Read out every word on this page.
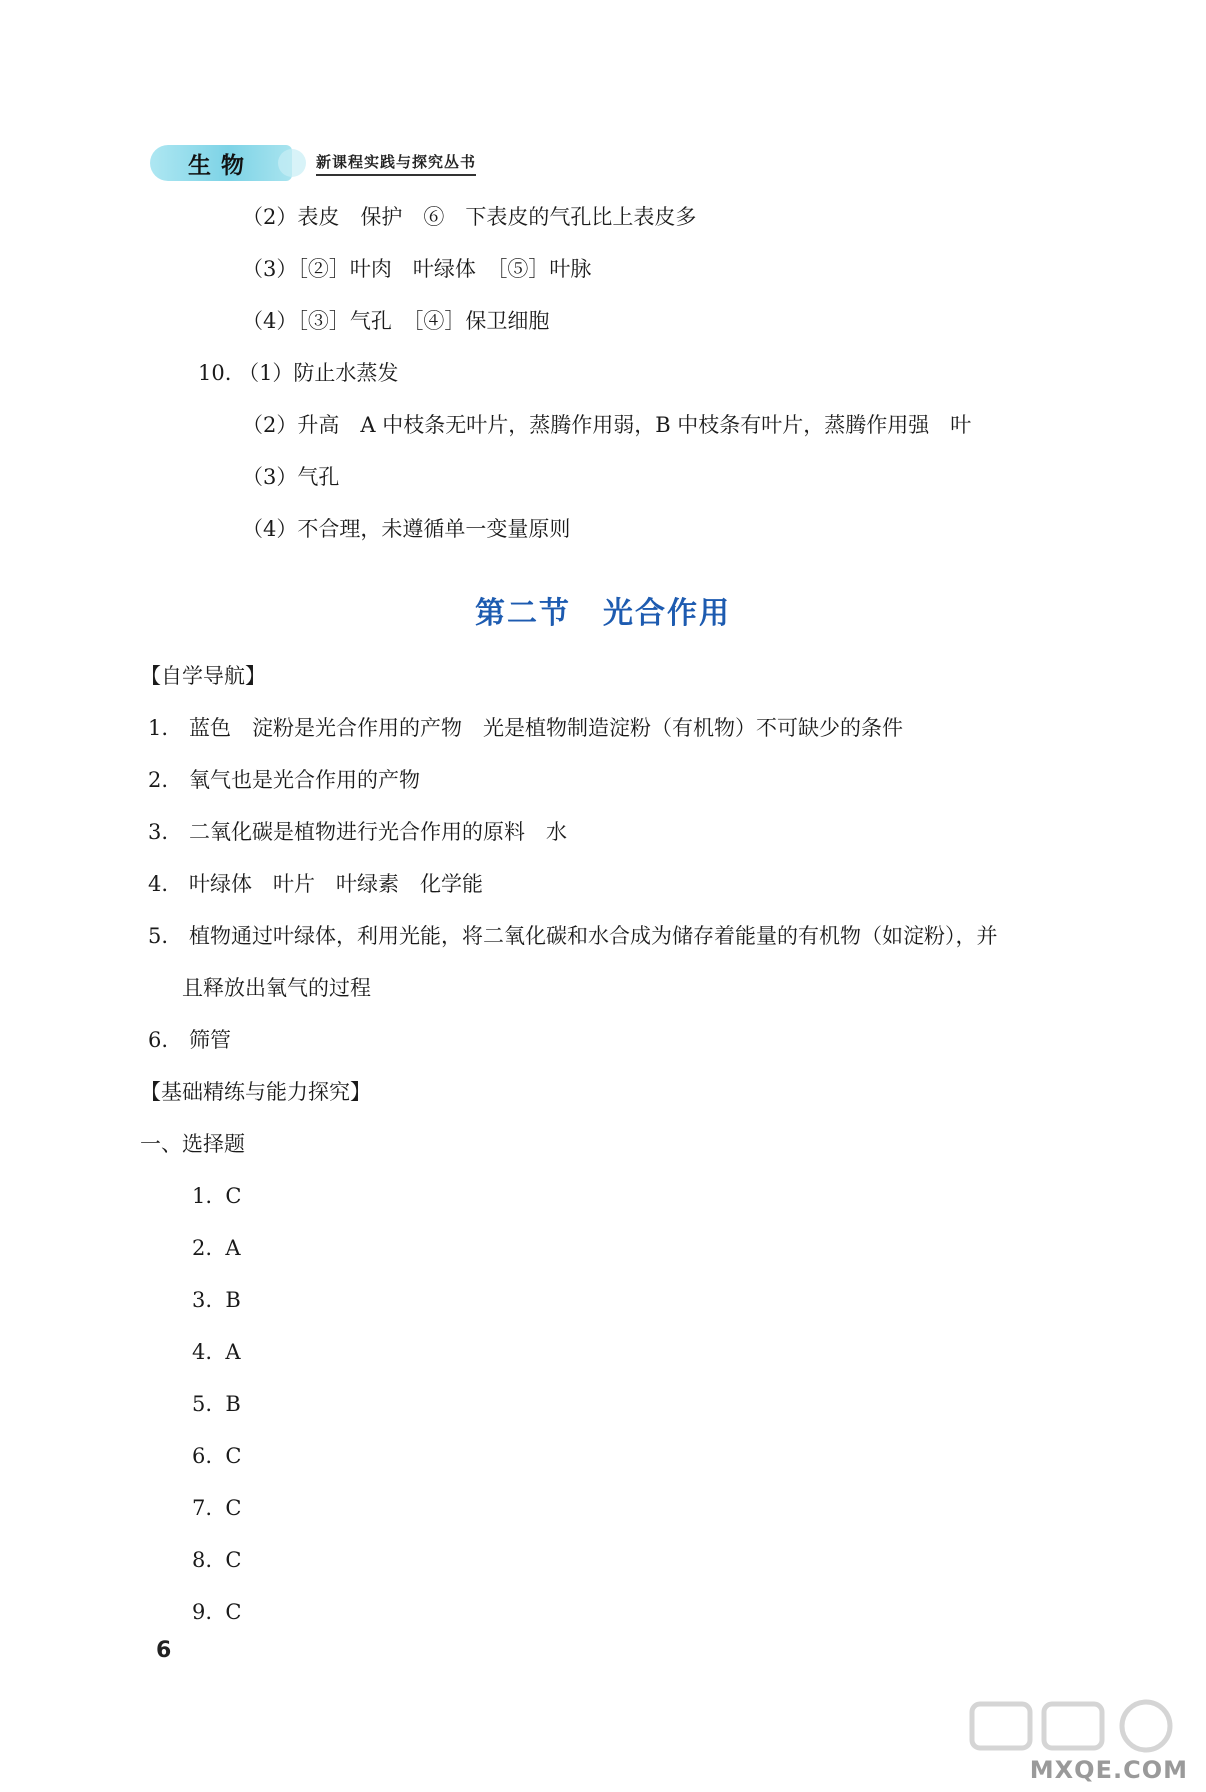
生物	新课程实践与探究丛书
（2）表皮　保护　⑥　下表皮的气孔比上表皮多
（3）［②］叶肉　叶绿体　［⑤］叶脉
（4）［③］气孔　［④］保卫细胞
10. （1）防止水蒸发
（2）升高　A 中枝条无叶片，蒸腾作用弱，B 中枝条有叶片，蒸腾作用强　叶
（3）气孔
（4）不合理，未遵循单一变量原则
第二节　光合作用
【自学导航】
1.　蓝色　淀粉是光合作用的产物　光是植物制造淀粉（有机物）不可缺少的条件
2.　氧气也是光合作用的产物
3.　二氧化碳是植物进行光合作用的原料　水
4.　叶绿体　叶片　叶绿素　化学能
5.　植物通过叶绿体，利用光能，将二氧化碳和水合成为储存着能量的有机物（如淀粉），并
且释放出氧气的过程
6.　筛管
【基础精练与能力探究】
一、选择题
1.  C
2.  A
3.  B
4.  A
5.  B
6.  C
7.  C
8.  C
9.  C
6
MXQE.COM
